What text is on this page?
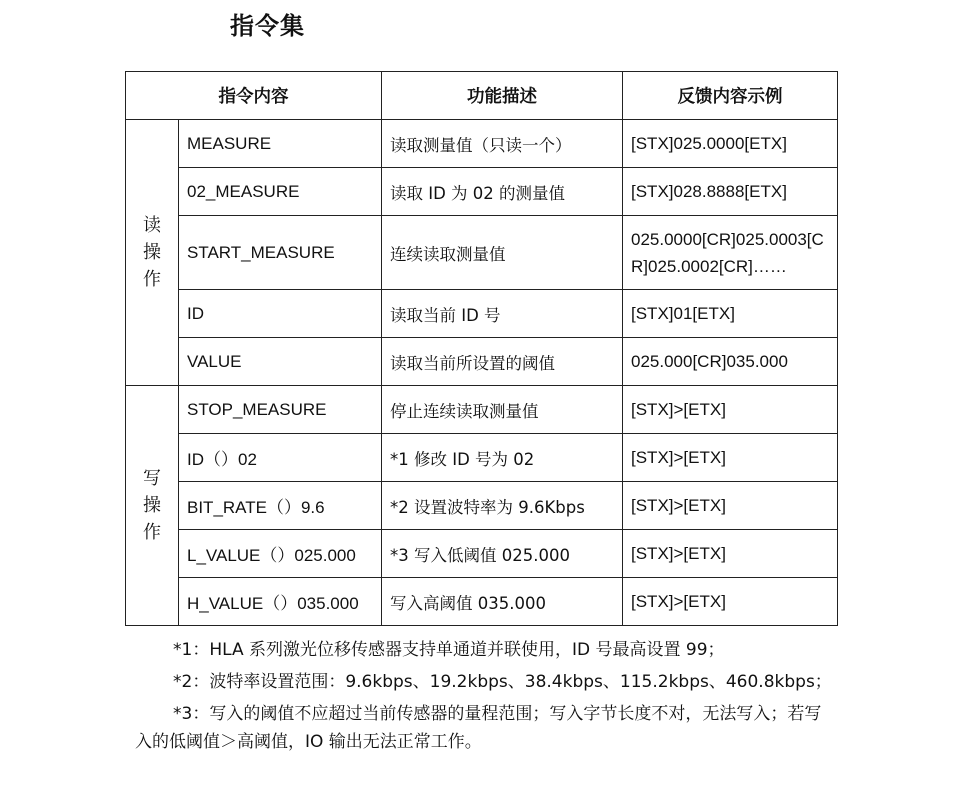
指令集
指令内容		功能描述	反馈内容示例

读
操
作	MEASURE	读取测量值（只读一个）	[STX]025.0000[ETX]
	02_MEASURE	读取 ID 为 02 的测量值	[STX]028.8888[ETX]
	START_MEASURE	连续读取测量值	025.0000[CR]025.0003[CR]025.0002[CR]……
	ID	读取当前 ID 号	[STX]01[ETX]
	VALUE	读取当前所设置的阈值	025.000[CR]035.000

写
操
作	STOP_MEASURE	停止连续读取测量值	[STX]>[ETX]
	ID（）02	*1 修改 ID 号为 02	[STX]>[ETX]
	BIT_RATE（）9.6	*2 设置波特率为 9.6Kbps	[STX]>[ETX]
	L_VALUE（）025.000	*3 写入低阈值 025.000	[STX]>[ETX]
	H_VALUE（）035.000	写入高阈值 035.000	[STX]>[ETX]

*1：HLA 系列激光位移传感器支持单通道并联使用，ID 号最高设置 99；

*2：波特率设置范围：9.6kbps、19.2kbps、38.4kbps、115.2kbps、460.8kbps；

*3：写入的阈值不应超过当前传感器的量程范围；写入字节长度不对，无法写入；若写入的低阈值＞高阈值，IO 输出无法正常工作。
